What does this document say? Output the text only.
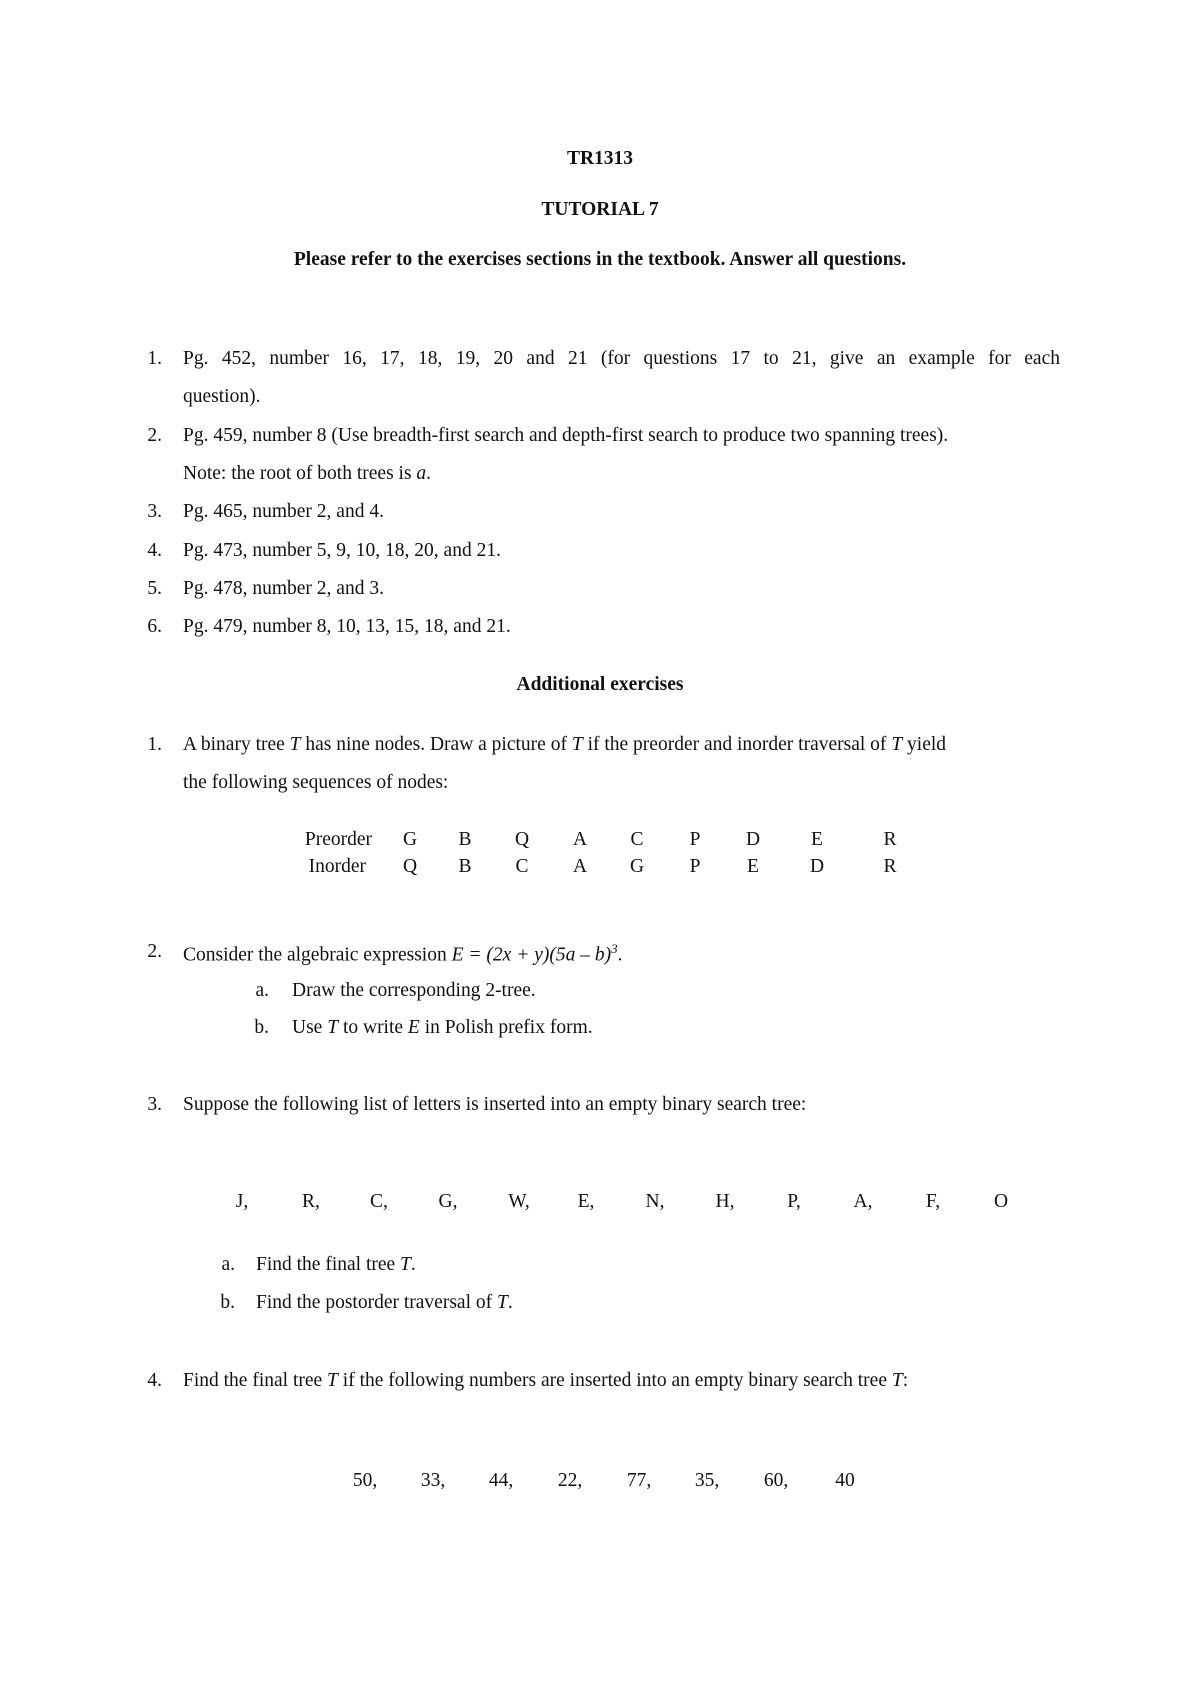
TR1313
TUTORIAL 7
Please refer to the exercises sections in the textbook. Answer all questions.
1. Pg. 452, number 16, 17, 18, 19, 20 and 21 (for questions 17 to 21, give an example for each
question).
2. Pg. 459, number 8 (Use breadth-first search and depth-first search to produce two spanning trees).
Note: the root of both trees is a.
3. Pg. 465, number 2, and 4.
4. Pg. 473, number 5, 9, 10, 18, 20, and 21.
5. Pg. 478, number 2, and 3.
6. Pg. 479, number 8, 10, 13, 15, 18, and 21.
Additional exercises
1. A binary tree T has nine nodes. Draw a picture of T if the preorder and inorder traversal of T yield
the following sequences of nodes:
Preorder	G	B	Q	A	C	P	D	E	R
Inorder	Q	B	C	A	G	P	E	D	R
2. Consider the algebraic expression E = (2x + y)(5a – b)$^3$.
a. Draw the corresponding 2-tree.
b. Use T to write E in Polish prefix form.
3. Suppose the following list of letters is inserted into an empty binary search tree:
J,	R,	C,	G,	W,	E,	N,	H,	P,	A,	F,	O
a. Find the final tree T.
b. Find the postorder traversal of T.
4. Find the final tree T if the following numbers are inserted into an empty binary search tree T:
50,	33,	44,	22,	77,	35,	60,	40
